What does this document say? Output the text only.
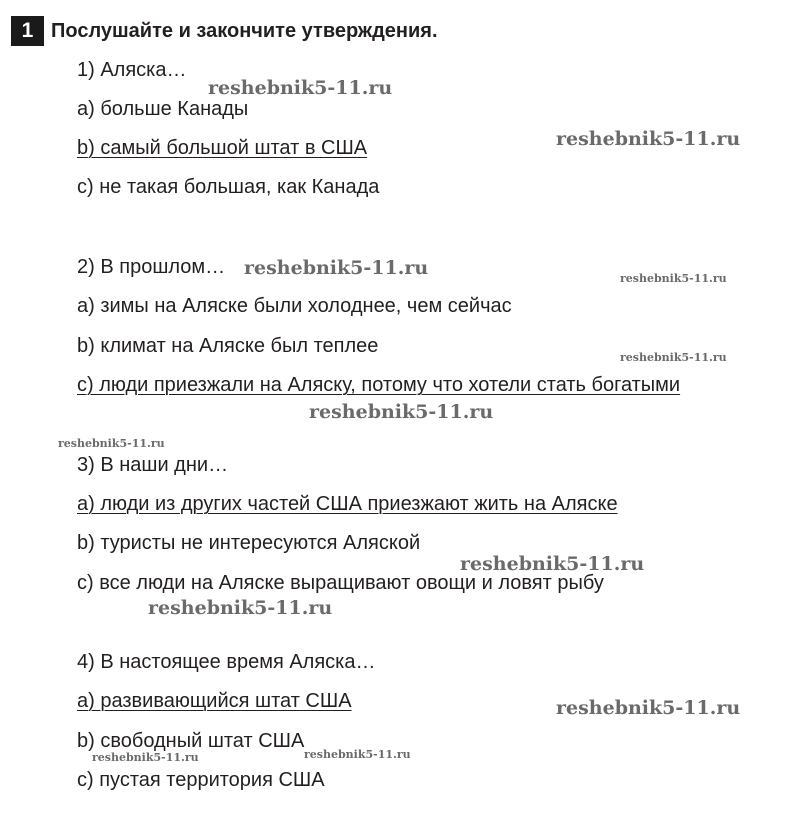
1 Послушайте и закончите утверждения.
1) Аляска…
a) больше Канады
b) самый большой штат в США
c) не такая большая, как Канада
2) В прошлом…
a) зимы на Аляске были холоднее, чем сейчас
b) климат на Аляске был теплее
c) люди приезжали на Аляску, потому что хотели стать богатыми
3) В наши дни…
a) люди из других частей США приезжают жить на Аляске
b) туристы не интересуются Аляской
c) все люди на Аляске выращивают овощи и ловят рыбу
4) В настоящее время Аляска…
a) развивающийся штат США
b) свободный штат США
c) пустая территория США
reshebnik5-11.ru
reshebnik5-11.ru
reshebnik5-11.ru	reshebnik5-11.ru
reshebnik5-11.ru
reshebnik5-11.ru
reshebnik5-11.ru
reshebnik5-11.ru
reshebnik5-11.ru
reshebnik5-11.ru
reshebnik5-11.ru	reshebnik5-11.ru
